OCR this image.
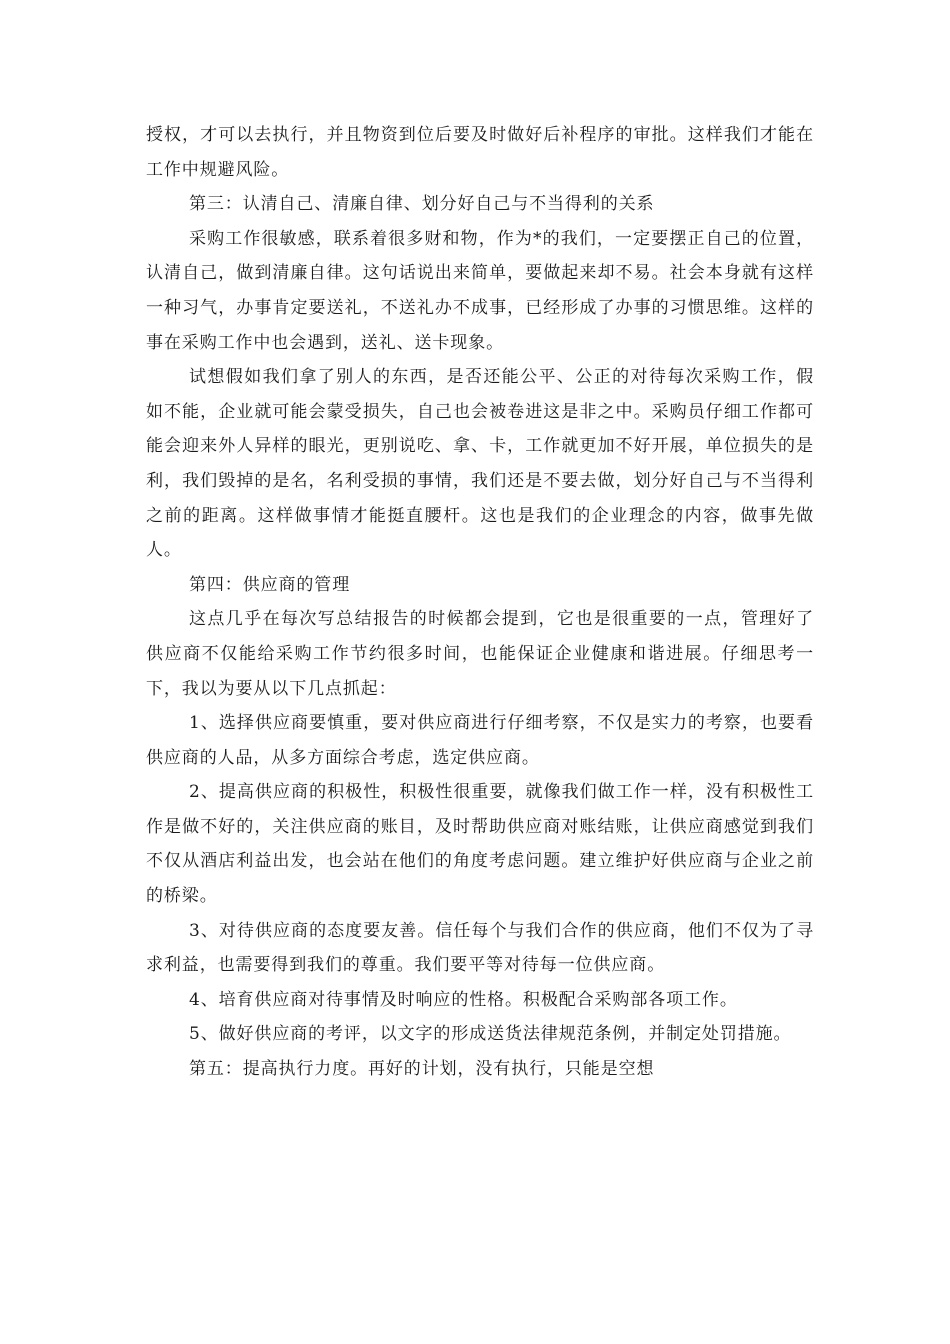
授权，才可以去执行，并且物资到位后要及时做好后补程序的审批。这样我们才能在工作中规避风险。

第三：认清自己、清廉自律、划分好自己与不当得利的关系

采购工作很敏感，联系着很多财和物，作为*的我们，一定要摆正自己的位置，认清自己，做到清廉自律。这句话说出来简单，要做起来却不易。社会本身就有这样一种习气，办事肯定要送礼，不送礼办不成事，已经形成了办事的习惯思维。这样的事在采购工作中也会遇到，送礼、送卡现象。

试想假如我们拿了别人的东西，是否还能公平、公正的对待每次采购工作，假如不能，企业就可能会蒙受损失，自己也会被卷进这是非之中。采购员仔细工作都可能会迎来外人异样的眼光，更别说吃、拿、卡，工作就更加不好开展，单位损失的是利，我们毁掉的是名，名利受损的事情，我们还是不要去做，划分好自己与不当得利之前的距离。这样做事情才能挺直腰杆。这也是我们的企业理念的内容，做事先做人。

第四：供应商的管理

这点几乎在每次写总结报告的时候都会提到，它也是很重要的一点，管理好了供应商不仅能给采购工作节约很多时间，也能保证企业健康和谐进展。仔细思考一下，我以为要从以下几点抓起：

1、选择供应商要慎重，要对供应商进行仔细考察，不仅是实力的考察，也要看供应商的人品，从多方面综合考虑，选定供应商。

2、提高供应商的积极性，积极性很重要，就像我们做工作一样，没有积极性工作是做不好的，关注供应商的账目，及时帮助供应商对账结账，让供应商感觉到我们不仅从酒店利益出发，也会站在他们的角度考虑问题。建立维护好供应商与企业之前的桥梁。

3、对待供应商的态度要友善。信任每个与我们合作的供应商，他们不仅为了寻求利益，也需要得到我们的尊重。我们要平等对待每一位供应商。

4、培育供应商对待事情及时响应的性格。积极配合采购部各项工作。

5、做好供应商的考评，以文字的形成送货法律规范条例，并制定处罚措施。

第五：提高执行力度。再好的计划，没有执行，只能是空想
